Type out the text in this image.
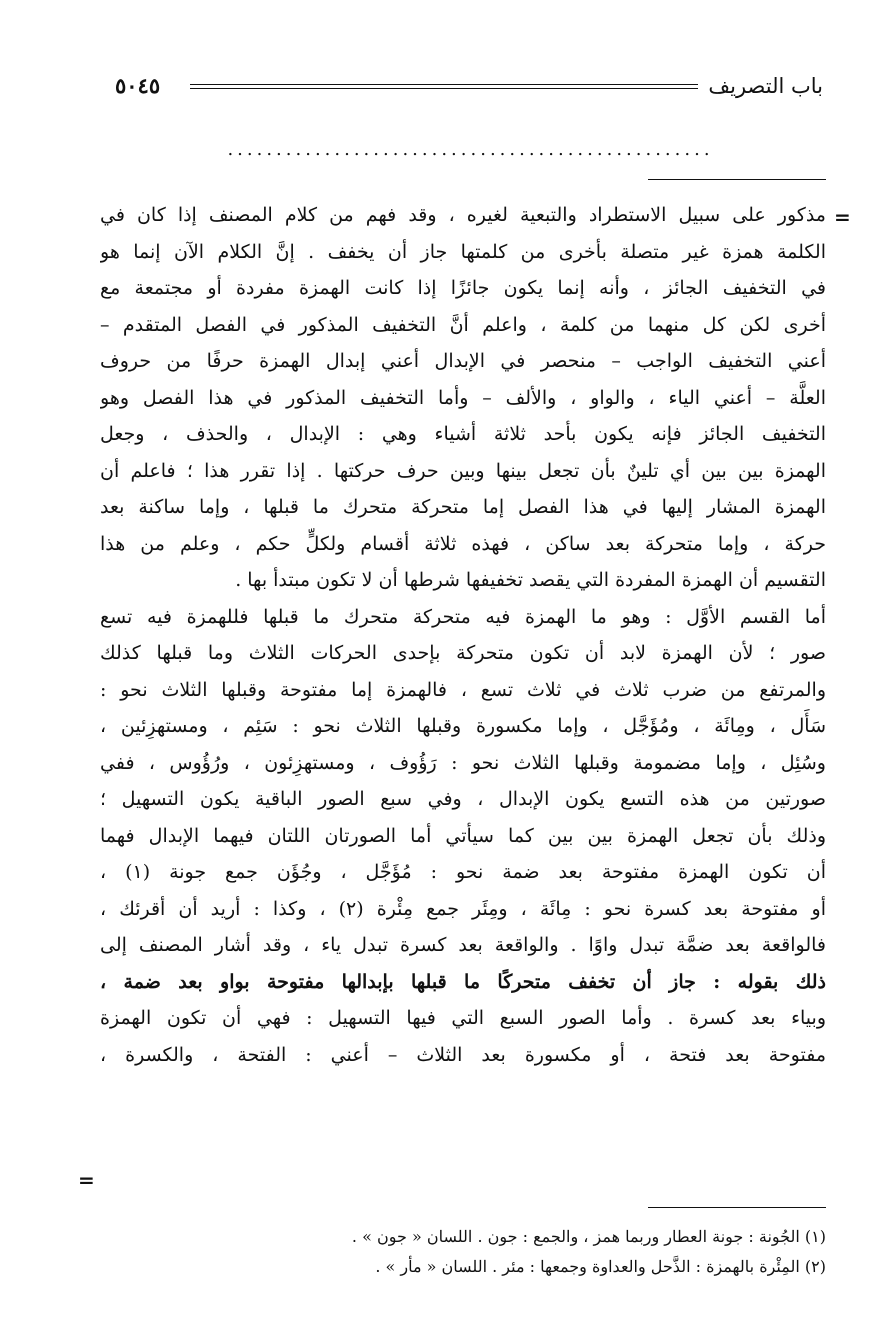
باب التصريف
٥٠٤٥
..................................................
=
=
مذكور على سبيل الاستطراد والتبعية لغيره ، وقد فهم من كلام المصنف إذا كان في
الكلمة همزة غير متصلة بأخرى من كلمتها جاز أن يخفف . إنَّ الكلام الآن إنما هو
في التخفيف الجائز ، وأنه إنما يكون جائزًا إذا كانت الهمزة مفردة أو مجتمعة مع
أخرى لكن كل منهما من كلمة ، واعلم أنَّ التخفيف المذكور في الفصل المتقدم –
أعني التخفيف الواجب – منحصر في الإبدال أعني إبدال الهمزة حرفًا من حروف
العلَّة – أعني الياء ، والواو ، والألف – وأما التخفيف المذكور في هذا الفصل وهو
التخفيف الجائز فإنه يكون بأحد ثلاثة أشياء وهي : الإبدال ، والحذف ، وجعل
الهمزة بين بين أي تلينٌ بأن تجعل بينها وبين حرف حركتها . إذا تقرر هذا ؛ فاعلم أن
الهمزة المشار إليها في هذا الفصل إما متحركة متحرك ما قبلها ، وإما ساكنة بعد
حركة ، وإما متحركة بعد ساكن ، فهذه ثلاثة أقسام ولكلٍّ حكم ، وعلم من هذا
التقسيم أن الهمزة المفردة التي يقصد تخفيفها شرطها أن لا تكون مبتدأ بها .
أما القسم الأوَّل : وهو ما الهمزة فيه متحركة متحرك ما قبلها فللهمزة فيه تسع
صور ؛ لأن الهمزة لابد أن تكون متحركة بإحدى الحركات الثلاث وما قبلها كذلك
والمرتفع من ضرب ثلاث في ثلاث تسع ، فالهمزة إما مفتوحة وقبلها الثلاث نحو :
سَأَل ، ومِائَة ، ومُؤَجَّل ، وإما مكسورة وقبلها الثلاث نحو : سَئِم ، ومستهزِئين ،
وسُئِل ، وإما مضمومة وقبلها الثلاث نحو : رَؤُوف ، ومستهزِئون ، ورُؤُوس ، ففي
صورتين من هذه التسع يكون الإبدال ، وفي سبع الصور الباقية يكون التسهيل ؛
وذلك بأن تجعل الهمزة بين بين كما سيأتي أما الصورتان اللتان فيهما الإبدال فهما
أن تكون الهمزة مفتوحة بعد ضمة نحو : مُؤَجَّل ، وجُؤَن جمع جونة (١) ،
أو مفتوحة بعد كسرة نحو : مِائَة ، ومِئَر جمع مِئْرة (٢) ، وكذا : أريد أن أقرئك ،
فالواقعة بعد ضمَّة تبدل واوًا . والواقعة بعد كسرة تبدل ياء ، وقد أشار المصنف إلى
ذلك بقوله : جاز أن تخفف متحركًا ما قبلها بإبدالها مفتوحة بواو بعد ضمة ،
وبياء بعد كسرة . وأما الصور السبع التي فيها التسهيل : فهي أن تكون الهمزة
مفتوحة بعد فتحة ، أو مكسورة بعد الثلاث – أعني : الفتحة ، والكسرة ،
(١) الجُونة : جونة العطار وربما همز ، والجمع : جون . اللسان « جون » .
(٢) المِئْرة بالهمزة : الذَّحل والعداوة وجمعها : مئر . اللسان « مأر » .
